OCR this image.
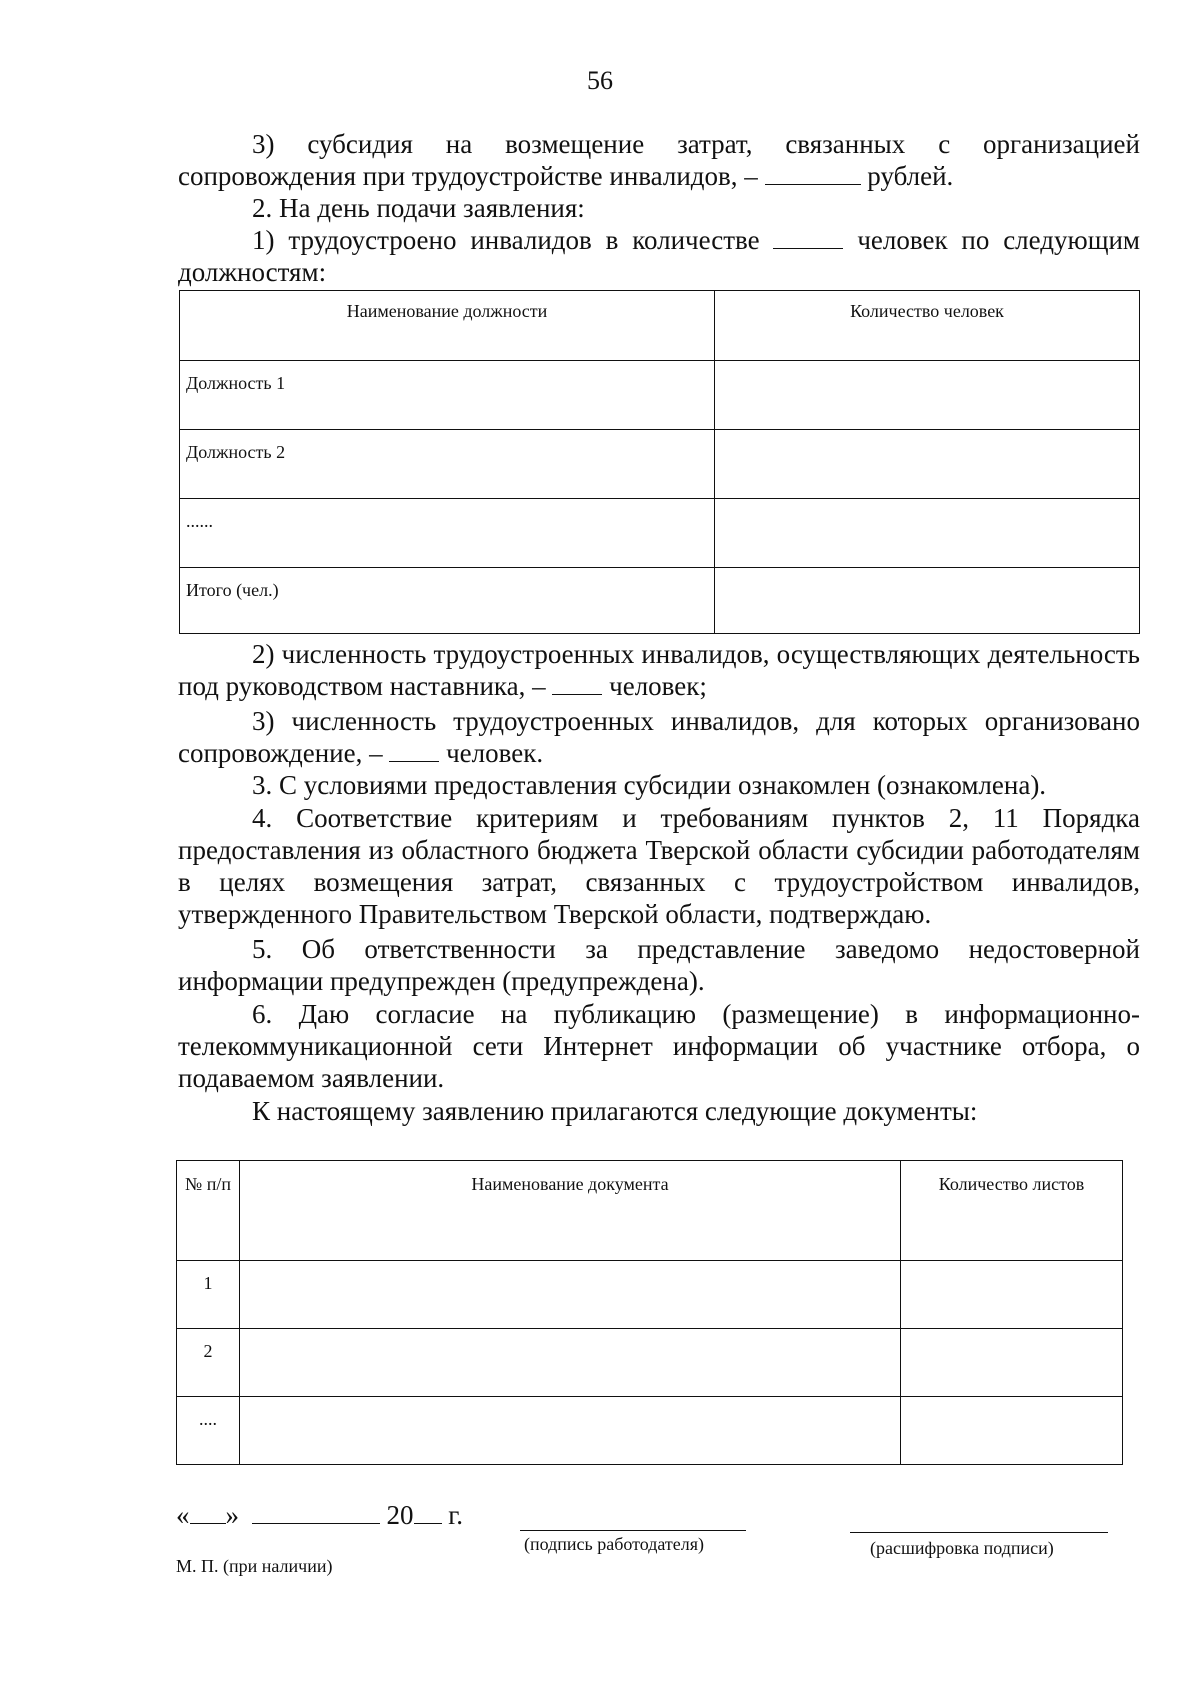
56
3) субсидия на возмещение затрат, связанных с организацией сопровождения при трудоустройстве инвалидов, –	рублей.
2. На день подачи заявления:
1) трудоустроено инвалидов в количестве	человек по следующим должностям:
Наименование должности	Количество человек
Должность 1	
Должность 2	
......	
Итого (чел.)	
2) численность трудоустроенных инвалидов, осуществляющих деятельность под руководством наставника, – человек;
3) численность трудоустроенных инвалидов, для которых организовано сопровождение, – человек.
3. С условиями предоставления субсидии ознакомлен (ознакомлена).
4. Соответствие критериям и требованиям пунктов 2, 11 Порядка предоставления из областного бюджета Тверской области субсидии работодателям в целях возмещения затрат, связанных с трудоустройством инвалидов, утвержденного Правительством Тверской области, подтверждаю.
5. Об ответственности за представление заведомо недостоверной информации предупрежден (предупреждена).
6. Даю согласие на публикацию (размещение) в информационно-телекоммуникационной сети Интернет информации об участнике отбора, о подаваемом заявлении.
К настоящему заявлению прилагаются следующие документы:
№ п/п	Наименование документа	Количество листов
1		
2		
....		
« »	20 г.
(подпись работодателя)	(расшифровка подписи)
М. П. (при наличии)
